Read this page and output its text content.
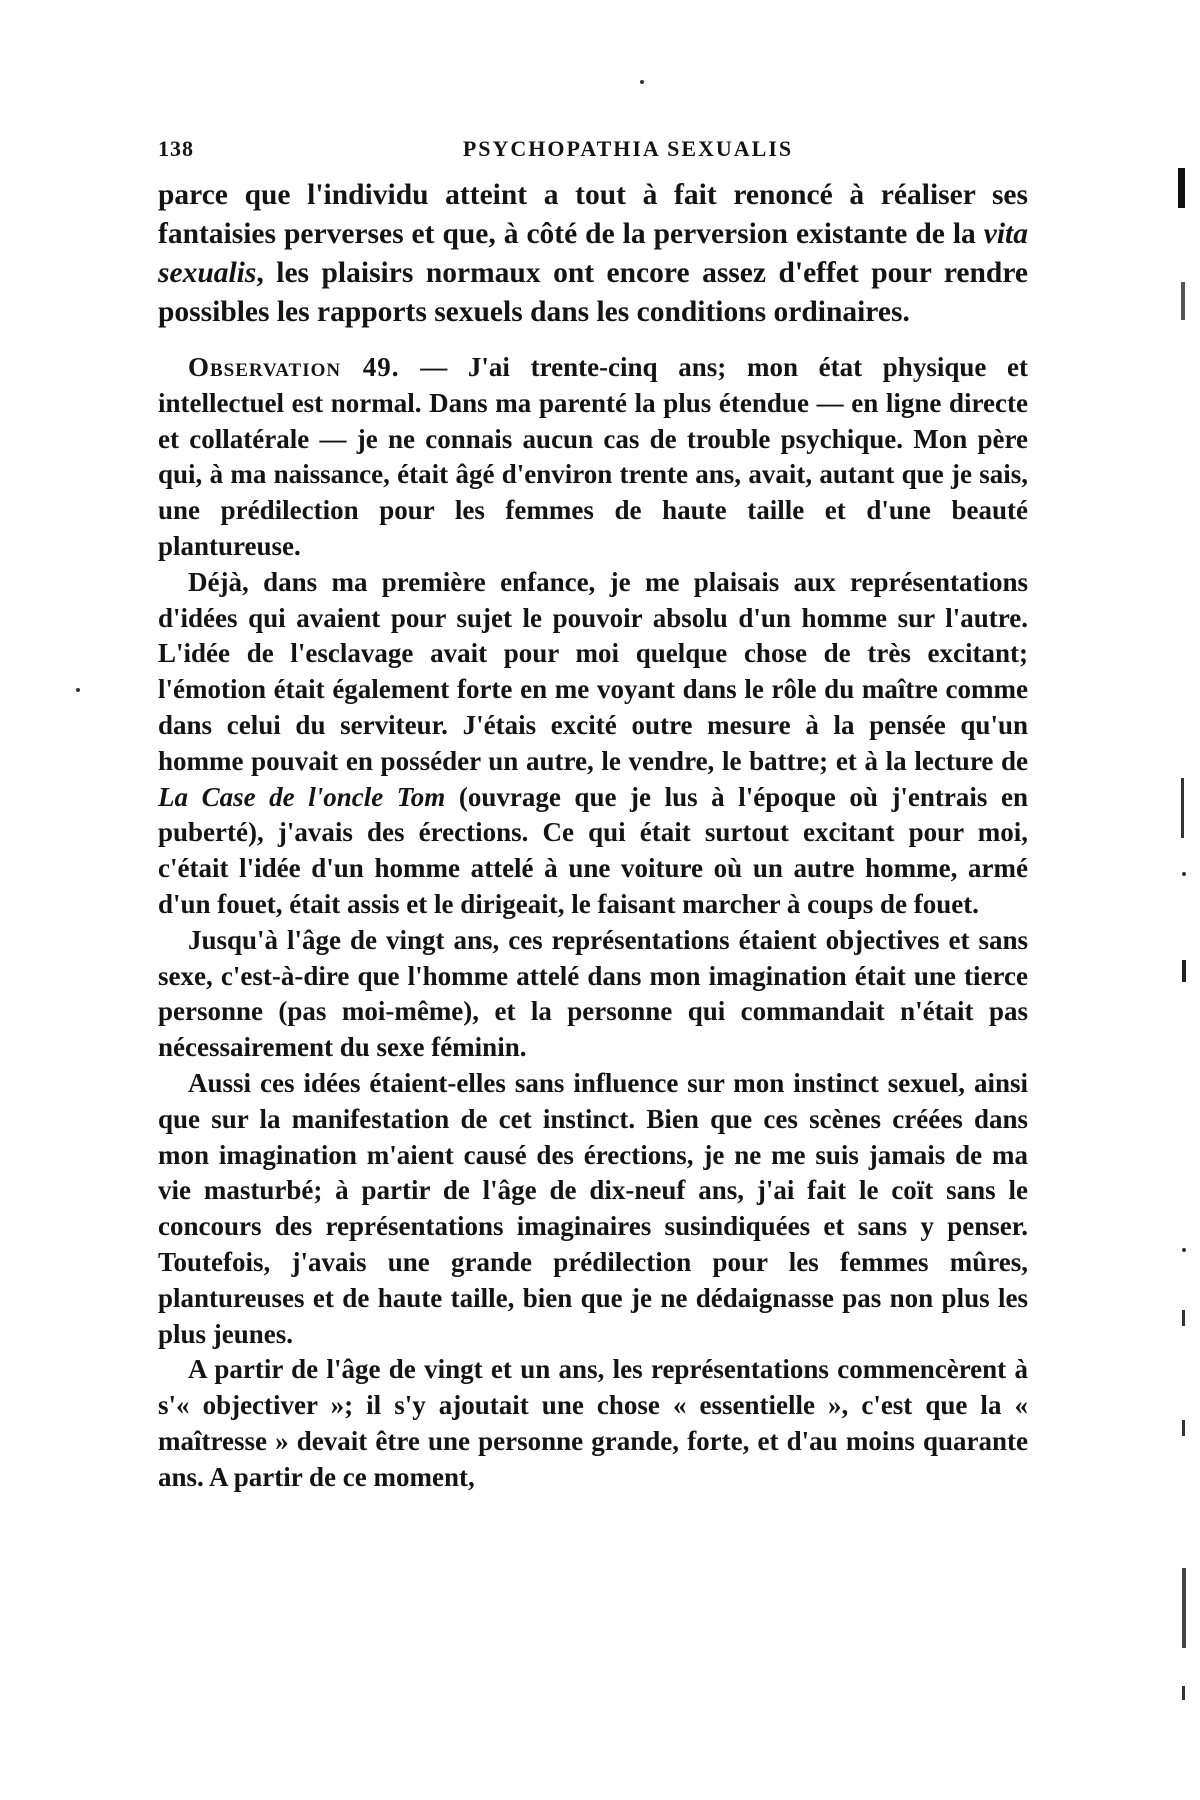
138	PSYCHOPATHIA SEXUALIS

parce que l'individu atteint a tout à fait renoncé à réaliser ses fantaisies perverses et que, à côté de la perversion existante de la vita sexualis, les plaisirs normaux ont encore assez d'effet pour rendre possibles les rapports sexuels dans les conditions ordinaires.

Observation 49. — J'ai trente-cinq ans; mon état physique et intellectuel est normal. Dans ma parenté la plus étendue — en ligne directe et collatérale — je ne connais aucun cas de trouble psychique. Mon père qui, à ma naissance, était âgé d'environ trente ans, avait, autant que je sais, une prédilection pour les femmes de haute taille et d'une beauté plantureuse.

Déjà, dans ma première enfance, je me plaisais aux représentations d'idées qui avaient pour sujet le pouvoir absolu d'un homme sur l'autre. L'idée de l'esclavage avait pour moi quelque chose de très excitant; l'émotion était également forte en me voyant dans le rôle du maître comme dans celui du serviteur. J'étais excité outre mesure à la pensée qu'un homme pouvait en posséder un autre, le vendre, le battre; et à la lecture de La Case de l'oncle Tom (ouvrage que je lus à l'époque où j'entrais en puberté), j'avais des érections. Ce qui était surtout excitant pour moi, c'était l'idée d'un homme attelé à une voiture où un autre homme, armé d'un fouet, était assis et le dirigeait, le faisant marcher à coups de fouet.

Jusqu'à l'âge de vingt ans, ces représentations étaient objectives et sans sexe, c'est-à-dire que l'homme attelé dans mon imagination était une tierce personne (pas moi-même), et la personne qui commandait n'était pas nécessairement du sexe féminin.

Aussi ces idées étaient-elles sans influence sur mon instinct sexuel, ainsi que sur la manifestation de cet instinct. Bien que ces scènes créées dans mon imagination m'aient causé des érections, je ne me suis jamais de ma vie masturbé; à partir de l'âge de dix-neuf ans, j'ai fait le coït sans le concours des représentations imaginaires susindiquées et sans y penser. Toutefois, j'avais une grande prédilection pour les femmes mûres, plantureuses et de haute taille, bien que je ne dédaignasse pas non plus les plus jeunes.

A partir de l'âge de vingt et un ans, les représentations commencèrent à s'« objectiver »; il s'y ajoutait une chose « essentielle », c'est que la « maîtresse » devait être une personne grande, forte, et d'au moins quarante ans. A partir de ce moment,
